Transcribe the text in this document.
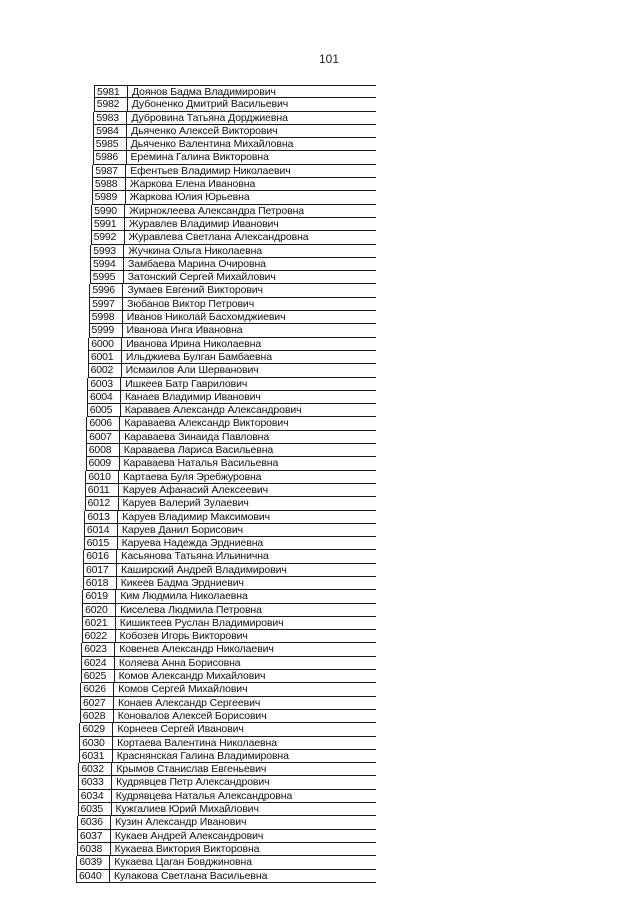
101
5981	Доянов Бадма Владимирович
5982	Дубоненко Дмитрий Васильевич
5983	Дубровина Татьяна Дорджиевна
5984	Дьяченко Алексей Викторович
5985	Дьяченко Валентина Михайловна
5986	Еремина Галина Викторовна
5987	Ефентьев Владимир Николаевич
5988	Жаркова Елена Ивановна
5989	Жаркова Юлия Юрьевна
5990	Жирноклеева Александра Петровна
5991	Журавлев Владимир Иванович
5992	Журавлева Светлана Александровна
5993	Жучкина Ольга Николаевна
5994	Замбаева Марина Очировна
5995	Затонский Сергей Михайлович
5996	Зумаев Евгений Викторович
5997	Зюбанов Виктор Петрович
5998	Иванов Николай Басхомджиевич
5999	Иванова Инга Ивановна
6000	Иванова Ирина Николаевна
6001	Ильджиева Булган Бамбаевна
6002	Исмаилов Али Шерванович
6003	Ишкеев Батр Гаврилович
6004	Канаев Владимир Иванович
6005	Караваев Александр Александрович
6006	Караваева Александр Викторович
6007	Караваева Зинаида Павловна
6008	Караваева Лариса Васильевна
6009	Караваева Наталья Васильевна
6010	Картаева Буля Эребжуровна
6011	Каруев Афанасий Алексеевич
6012	Каруев Валерий Зулаевич
6013	Каруев Владимир Максимович
6014	Каруев Данил Борисович
6015	Каруева Надежда Эрдниевна
6016	Касьянова Татьяна Ильинична
6017	Каширский Андрей Владимирович
6018	Кикеев Бадма Эрдниевич
6019	Ким Людмила Николаевна
6020	Киселева Людмила Петровна
6021	Кишиктеев Руслан Владимирович
6022	Кобозев Игорь Викторович
6023	Ковенев Александр Николаевич
6024	Коляева Анна Борисовна
6025	Комов Александр Михайлович
6026	Комов Сергей Михайлович
6027	Конаев Александр Сергеевич
6028	Коновалов Алексей Борисович
6029	Корнеев Сергей Иванович
6030	Кортаева Валентина Николаевна
6031	Краснянская Галина Владимировна
6032	Крымов Станислав Евгеньевич
6033	Кудрявцев Петр Александрович
6034	Кудрявцева Наталья Александровна
6035	Кужгалиев Юрий Михайлович
6036	Кузин Александр Иванович
6037	Кукаев Андрей Александрович
6038	Кукаева Виктория Викторовна
6039	Кукаева Цаган Бовджиновна
6040	Кулакова Светлана Васильевна
